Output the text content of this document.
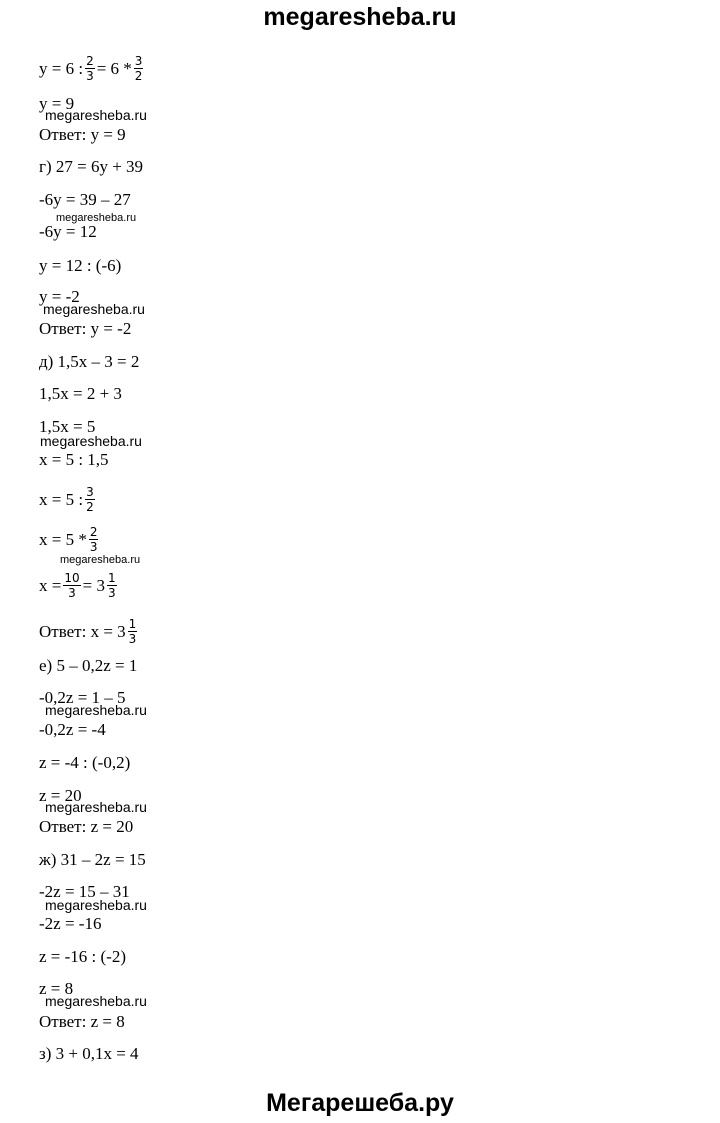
megaresheba.ru
y = 6 : $\frac{2}{3} = 6 * \frac{3}{2}$
y = 9
megaresheba.ru
Ответ: y = 9
г) 27 = 6y + 39
-6y = 39 – 27
megaresheba.ru
-6y = 12
y = 12 : (-6)
y = -2
megaresheba.ru
Ответ: y = -2
д) 1,5x – 3 = 2
1,5x = 2 + 3
1,5x = 5
megaresheba.ru
x = 5 : 1,5
x = 5 : $\frac{3}{2}$
$x = 5 * \frac{2}{3}$
megaresheba.ru
$x = \frac{10}{3} = 3 \frac{1}{3}$
Ответ: $x = 3 \frac{1}{3}$
е) 5 – 0,2z = 1
-0,2z = 1 – 5
megaresheba.ru
-0,2z = -4
z = -4 : (-0,2)
z = 20
megaresheba.ru
Ответ: z = 20
ж) 31 – 2z = 15
-2z = 15 – 31
megaresheba.ru
-2z = -16
z = -16 : (-2)
z = 8
megaresheba.ru
Ответ: z = 8
з) 3 + 0,1x = 4
Мегарешеба.ру
